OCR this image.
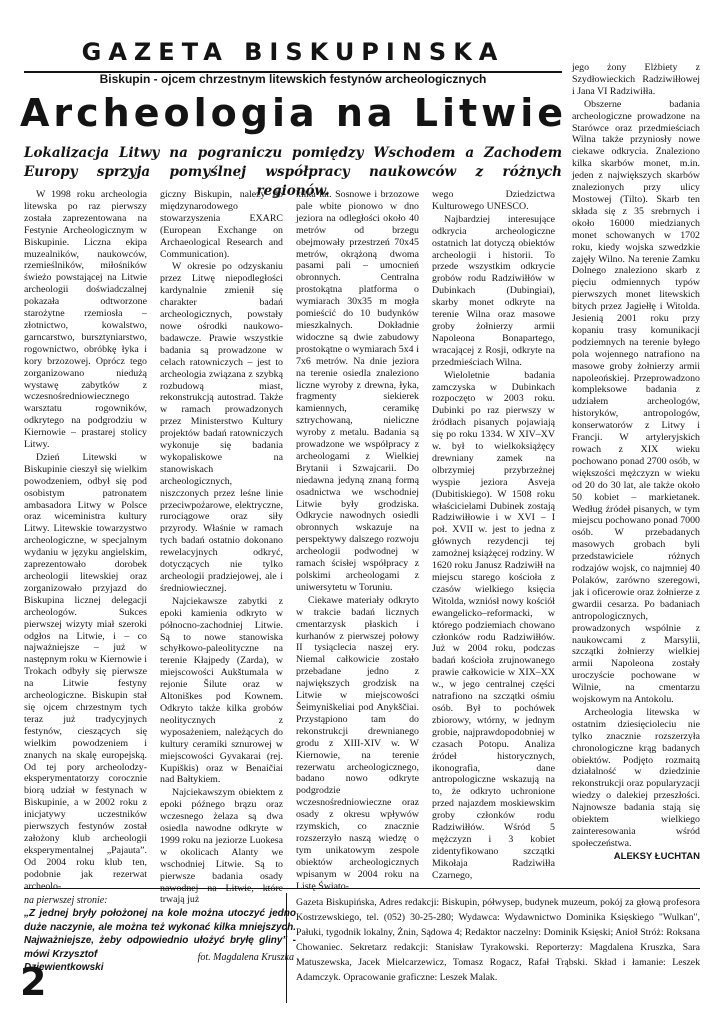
GAZETA BISKUPINSKA
Biskupin - ojcem chrzestnym litewskich festynów archeologicznych
Archeologia na Litwie
Lokalizacja Litwy na pograniczu pomiędzy Wschodem a Zachodem Europy sprzyja pomyślnej współpracy naukowców z różnych regionów.

W 1998 roku archeologia litewska po raz pierwszy została zaprezentowana na Festynie Archeologicznym w Biskupinie. Liczna ekipa muzealników, naukowców, rzemieślników, miłośników świeżo powstającej na Litwie archeologii doświadczalnej pokazała odtworzone starożytne rzemiosła – złotnictwo, kowalstwo, garncarstwo, bursztyniarstwo, rogownictwo, obróbkę łyka i kory brzozowej. Oprócz tego zorganizowano niedużą wystawę zabytków z wczesnośredniowiecznego warsztatu rogowników, odkrytego na podgrodziu w Kiernowie – prastarej stolicy Litwy.

Dzień Litewski w Biskupinie cieszył się wielkim powodzeniem, odbył się pod osobistym patronatem ambasadora Litwy w Polsce oraz wiceministra kultury Litwy. Litewskie towarzystwo archeologiczne, w specjalnym wydaniu w języku angielskim, zaprezentowało dorobek archeologii litewskiej oraz zorganizowało przyjazd do Biskupina licznej delegacji archeologów. Sukces pierwszej wizyty miał szeroki odgłos na Litwie, i – co najważniejsze – już w następnym roku w Kiernowie i Trokach odbyły się pierwsze na Litwie festyny archeologiczne. Biskupin stał się ojcem chrzestnym tych teraz już tradycyjnych festynów, cieszących się wielkim powodzeniem i znanych na skalę europejską. Od tej pory archeolodzy-eksperymentatorzy corocznie biorą udział w festynach w Biskupinie, a w 2002 roku z inicjatywy uczestników pierwszych festynów został założony klub archeologii eksperymentalnej „Pajauta”. Od 2004 roku klub ten, podobnie jak rezerwat archeolo-

giczny Biskupin, należy do międzynarodowego stowarzyszenia EXARC (European Exchange on Archaeological Research and Communication).

W okresie po odzyskaniu przez Litwę niepodległości kardynalnie zmienił się charakter badań archeologicznych, powstały nowe ośrodki naukowo-badawcze. Prawie wszystkie badania są prowadzone w celach ratowniczych – jest to archeologia związana z szybką rozbudową miast, rekonstrukcją autostrad. Także w ramach prowadzonych przez Ministerstwo Kultury projektów badań ratowniczych wykonuje się badania wykopaliskowe na stanowiskach archeologicznych, niszczonych przez leśne linie przeciwpożarowe, elektryczne, rurociągowe oraz siły przyrody. Właśnie w ramach tych badań ostatnio dokonano rewelacyjnych odkryć, dotyczących nie tylko archeologii pradziejowej, ale i średniowiecznej.

Najciekawsze zabytki z epoki kamienia odkryto w północno-zachodniej Litwie. Są to nowe stanowiska schyłkowo-paleolityczne na terenie Kłajpedy (Zarda), w miejscowości Aukštumala w rejonie Šilute oraz w Altoniškes pod Kownem. Odkryto także kilka grobów neolitycznych z wyposażeniem, należących do kultury ceramiki sznurowej w miejscowości Gyvakarai (rej. Kupiškis) oraz w Benaičiai nad Bałtykiem.

Najciekawszym obiektem z epoki późnego brązu oraz wczesnego żelaza są dwa osiedla nawodne odkryte w 1999 roku na jeziorze Luokesa w okolicach Alanty we wschodniej Litwie. Są to pierwsze badania osady nawodnej na Litwie, które trwają już

kilka lat. Sosnowe i brzozowe pale wbite pionowo w dno jeziora na odległości około 40 metrów od brzegu obejmowały przestrzeń 70x45 metrów, okrążoną dwoma pasami pali – umocnień obronnych. Centralna prostokątna platforma o wymiarach 30x35 m mogła pomieścić do 10 budynków mieszkalnych. Dokładnie widoczne są dwie zabudowy prostokątne o wymiarach 5x4 i 7x6 metrów. Na dnie jeziora na terenie osiedla znaleziono liczne wyroby z drewna, łyka, fragmenty siekierek kamiennych, ceramikę sztrychowaną, nieliczne wyroby z metalu. Badania są prowadzone we współpracy z archeologami z Wielkiej Brytanii i Szwajcarii. Do niedawna jedyną znaną formą osadnictwa we wschodniej Litwie były grodziska. Odkrycie nawodnych osiedli obronnych wskazuje na perspektywy dalszego rozwoju archeologii podwodnej w ramach ścisłej współpracy z polskimi archeologami z uniwersytetu w Toruniu.

Ciekawe materiały odkryto w trakcie badań licznych cmentarzysk płaskich i kurhanów z pierwszej połowy II tysiąclecia naszej ery. Niemal całkowicie zostało przebadane jedno z największych grodzisk na Litwie w miejscowości Šeimyniškeliai pod Anykščiai. Przystąpiono tam do rekonstrukcji drewnianego grodu z XIII-XIV w. W Kiernowie, na terenie rezerwatu archeologicznego, badano nowo odkryte podgrodzie wczesnośredniowieczne oraz osady z okresu wpływów rzymskich, co znacznie rozszerzyło naszą wiedzę o tym unikatowym zespole obiektów archeologicznych wpisanym w 2004 roku na Listę Świato-

wego Dziedzictwa Kulturowego UNESCO.

Najbardziej interesujące odkrycia archeologiczne ostatnich lat dotyczą obiektów archeologii i historii. To przede wszystkim odkrycie grobów rodu Radziwiłłów w Dubinkach (Dubingiai), skarby monet odkryte na terenie Wilna oraz masowe groby żołnierzy armii Napoleona Bonapartego, wracającej z Rosji, odkryte na przedmieściach Wilna.

Wieloletnie badania zamczyska w Dubinkach rozpoczęto w 2003 roku. Dubinki po raz pierwszy w źródłach pisanych pojawiają się po roku 1334. W XIV–XV w. był to wielkoksiążęcy drewniany zamek na olbrzymiej przybrzeżnej wyspie jeziora Asveja (Dubitiskiego). W 1508 roku właścicielami Dubinek zostają Radziwiłłowie i w XVI – I poł. XVII w. jest to jedna z głównych rezydencji tej zamożnej książęcej rodziny. W 1620 roku Janusz Radziwiłł na miejscu starego kościoła z czasów wielkiego księcia Witolda, wzniósł nowy kościół ewangelicko–reformacki, w którego podziemiach chowano członków rodu Radziwiłłów. Już w 2004 roku, podczas badań kościoła zrujnowanego prawie całkowicie w XIX–XX w., w jego centralnej części natrafiono na szczątki ośmiu osób. Był to pochówek zbiorowy, wtórny, w jednym grobie, najprawdopodobniej w czasach Potopu. Analiza źródeł historycznych, ikonografia, dane antropologiczne wskazują na to, że odkryto uchronione przed najazdem moskiewskim groby członków rodu Radziwiłłów. Wśród 5 mężczyzn i 3 kobiet zidentyfikowano szczątki Mikołaja Radziwiłła Czarnego,

jego żony Elżbiety z Szydłowieckich Radziwiłłowej i Jana VI Radziwiłła.

Obszerne badania archeologiczne prowadzone na Starówce oraz przedmieściach Wilna także przyniosły nowe ciekawe odkrycia. Znaleziono kilka skarbów monet, m.in. jeden z największych skarbów znalezionych przy ulicy Mostowej (Tilto). Skarb ten składa się z 35 srebrnych i około 16000 miedzianych monet schowanych w 1702 roku, kiedy wojska szwedzkie zajęły Wilno. Na terenie Zamku Dolnego znaleziono skarb z pięciu odmiennych typów pierwszych monet litewskich bitych przez Jagiełłę i Witolda. Jesienią 2001 roku przy kopaniu trasy komunikacji podziemnych na terenie byłego pola wojennego natrafiono na masowe groby żołnierzy armii napoleońskiej. Przeprowadzono kompleksowe badania z udziałem archeologów, historyków, antropologów, konserwatorów z Litwy i Francji. W artyleryjskich rowach z XIX wieku pochowano ponad 2700 osób, w większości mężczyzn w wieku od 20 do 30 lat, ale także około 50 kobiet – markietanek. Według źródeł pisanych, w tym miejscu pochowano ponad 7000 osób. W przebadanych masowych grobach byli przedstawiciele różnych rodzajów wojsk, co najmniej 40 Polaków, zarówno szeregowi, jak i oficerowie oraz żołnierze z gwardii cesarza. Po badaniach antropologicznych, prowadzonych wspólnie z naukowcami z Marsylii, szczątki żołnierzy wielkiej armii Napoleona zostały uroczyście pochowane w Wilnie, na cmentarzu wojskowym na Antokolu.

Archeologia litewska w ostatnim dziesięcioleciu nie tylko znacznie rozszerzyła chronologiczne krąg badanych obiektów. Podjęto rozmaitą działalność w dziedzinie rekonstrukcji oraz popularyzacji wiedzy o dalekiej przeszłości. Najnowsze badania stają się obiektem wielkiego zainteresowania wśród społeczeństwa.

ALEKSY ŁUCHTAN

na pierwszej stronie:
„Z jednej bryły położonej na kole można utoczyć jedno duże naczynie, ale można też wykonać kilka mniejszych. Najważniejsze, żeby odpowiednio ułożyć bryłę gliny” - mówi Krzysztof
Dziewientkowski
fot. Magdalena Kruszka
Gazeta Biskupińska, Adres redakcji: Biskupin, półwysep, budynek muzeum, pokój za głową profesora Kostrzewskiego, tel. (052) 30-25-280; Wydawca: Wydawnictwo Dominika Księskiego "Wulkan", Pałuki, tygodnik lokalny, Żnin, Sądowa 4; Redaktor naczelny: Dominik Księski; Anioł Stróż: Roksana Chowaniec. Sekretarz redakcji: Stanisław Tyrakowski. Reporterzy: Magdalena Kruszka, Sara Matuszewska, Jacek Mielcarzewicz, Tomasz Rogacz, Rafał Trąbski. Skład i łamanie: Leszek Adamczyk. Opracowanie graficzne: Leszek Malak.
2
